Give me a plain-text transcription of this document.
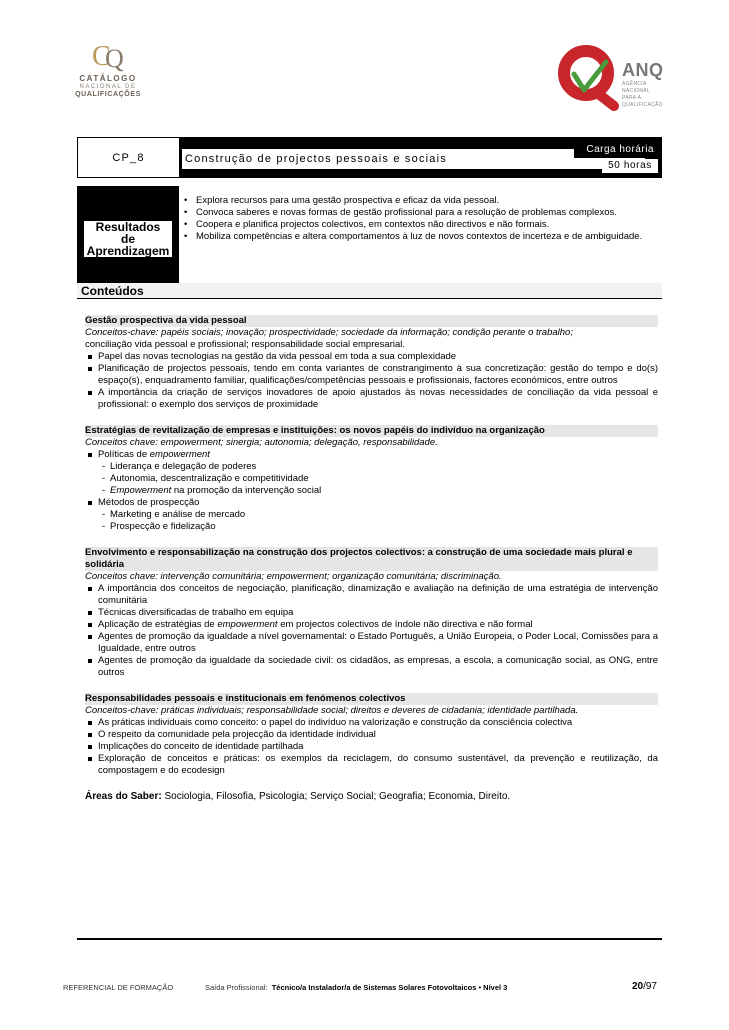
C
Q
CATÁLOGO
NACIONAL DE
QUALIFICAÇÕES
ANQ
AGÊNCIA NACIONAL
PARA A QUALIFICAÇÃO
CP_8	Construção de projectos pessoais e sociais
Carga horária
50 horas
Resultados
de
Aprendizagem
• Explora recursos para uma gestão prospectiva e eficaz da vida pessoal.
• Convoca saberes e novas formas de gestão profissional para a resolução de problemas complexos.
• Coopera e planifica projectos colectivos, em contextos não directivos e não formais.
• Mobiliza competências e altera comportamentos à luz de novos contextos de incerteza e de ambiguidade.
Conteúdos
Gestão prospectiva da vida pessoal
Conceitos-chave: papéis sociais; inovação; prospectividade; sociedade da informação; condição perante o trabalho;
conciliação vida pessoal e profissional; responsabilidade social empresarial.
Papel das novas tecnologias na gestão da vida pessoal em toda a sua complexidade
Planificação de projectos pessoais, tendo em conta variantes de constrangimento à sua concretização: gestão do tempo e do(s) espaço(s), enquadramento familiar, qualificações/competências pessoais e profissionais, factores económicos, entre outros
A importância da criação de serviços inovadores de apoio ajustados às novas necessidades de conciliação da vida pessoal e profissional: o exemplo dos serviços de proximidade
Estratégias de revitalização de empresas e instituições: os novos papéis do indivíduo na organização
Conceitos chave: empowerment; sinergia; autonomia; delegação, responsabilidade.
Políticas de empowerment
- Liderança e delegação de poderes
- Autonomia, descentralização e competitividade
- Empowerment na promoção da intervenção social
Métodos de prospecção
- Marketing e análise de mercado
- Prospecção e fidelização
Envolvimento e responsabilização na construção dos projectos colectivos: a construção de uma sociedade mais plural e solidária
Conceitos chave: intervenção comunitária; empowerment; organização comunitária; discriminação.
A importância dos conceitos de negociação, planificação, dinamização e avaliação na definição de uma estratégia de intervenção comunitária
Técnicas diversificadas de trabalho em equipa
Aplicação de estratégias de empowerment em projectos colectivos de índole não directiva e não formal
Agentes de promoção da igualdade a nível governamental: o Estado Português, a União Europeia, o Poder Local, Comissões para a Igualdade, entre outros
Agentes de promoção da igualdade da sociedade civil: os cidadãos, as empresas, a escola, a comunicação social, as ONG, entre outros
Responsabilidades pessoais e institucionais em fenómenos colectivos
Conceitos-chave: práticas individuais; responsabilidade social; direitos e deveres de cidadania; identidade partilhada.
As práticas individuais como conceito: o papel do indivíduo na valorização e construção da consciência colectiva
O respeito da comunidade pela projecção da identidade individual
Implicações do conceito de identidade partilhada
Exploração de conceitos e práticas: os exemplos da reciclagem, do consumo sustentável, da prevenção e reutilização, da compostagem e do ecodesign
Áreas do Saber: Sociologia, Filosofia, Psicologia; Serviço Social; Geografia; Economia, Direito.
REFERENCIAL DE FORMAÇÃO	Saída Profissional: Técnico/a Instalador/a de Sistemas Solares Fotovoltaicos • Nível 3	20/97
